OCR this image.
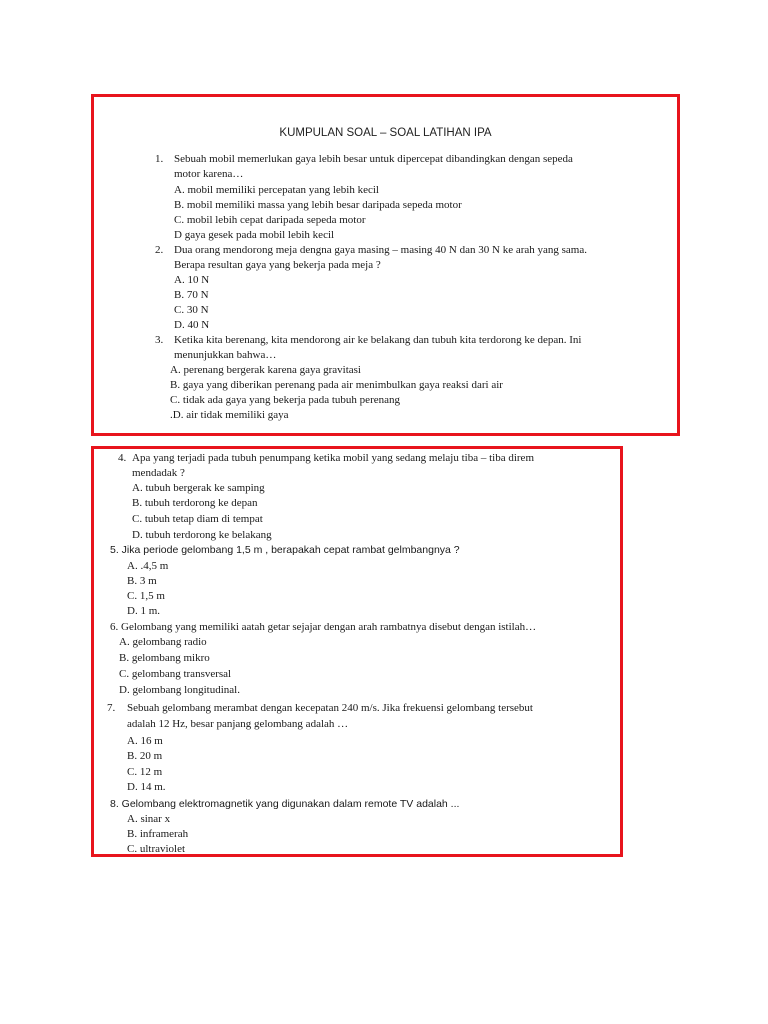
KUMPULAN SOAL – SOAL LATIHAN IPA
1. Sebuah mobil memerlukan gaya lebih besar untuk dipercepat dibandingkan dengan sepeda
motor karena…
A. mobil memiliki percepatan yang lebih kecil
B. mobil memiliki massa yang lebih besar daripada sepeda motor
C. mobil lebih cepat daripada sepeda motor
D gaya gesek pada mobil lebih kecil
2. Dua orang mendorong meja dengna gaya masing – masing 40 N dan 30 N ke arah yang sama.
Berapa resultan gaya yang bekerja pada meja ?
A. 10 N
B. 70 N
C. 30 N
D. 40 N
3. Ketika kita berenang, kita mendorong air ke belakang dan tubuh kita terdorong ke depan. Ini
menunjukkan bahwa…
A. perenang bergerak karena gaya gravitasi
B. gaya yang diberikan perenang pada air menimbulkan gaya reaksi dari air
C. tidak ada gaya yang bekerja pada tubuh perenang
.D. air tidak memiliki gaya
4. Apa yang terjadi pada tubuh penumpang ketika mobil yang sedang melaju tiba – tiba direm
mendadak ?
A. tubuh bergerak ke samping
B. tubuh terdorong ke depan
C. tubuh tetap diam di tempat
D. tubuh terdorong ke belakang
5. Jika periode gelombang 1,5 m , berapakah cepat rambat gelmbangnya ?
A. .4,5 m
B. 3 m
C. 1,5 m
D. 1 m.
6. Gelombang yang memiliki aatah getar sejajar dengan arah rambatnya disebut dengan istilah…
A. gelombang radio
B. gelombang mikro
C. gelombang transversal
D. gelombang longitudinal.
7. Sebuah gelombang merambat dengan kecepatan 240 m/s. Jika frekuensi gelombang tersebut
adalah 12 Hz, besar panjang gelombang adalah …
A. 16 m
B. 20 m
C. 12 m
D. 14 m.
8. Gelombang elektromagnetik yang digunakan dalam remote TV adalah ...
A. sinar x
B. inframerah
C. ultraviolet
